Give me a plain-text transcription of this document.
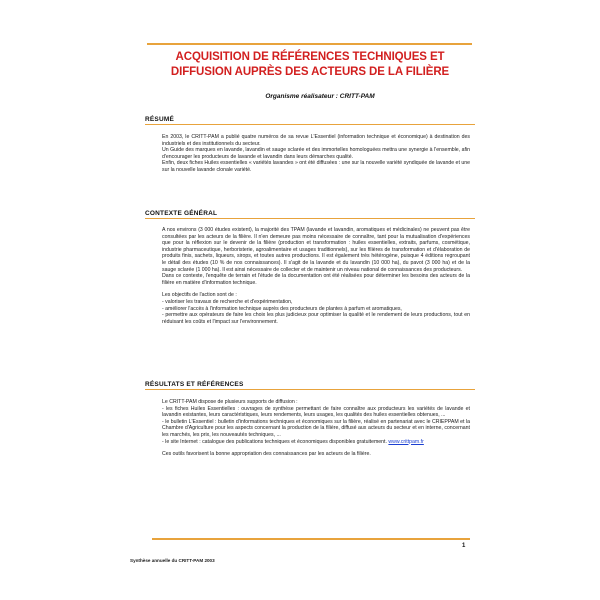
ACQUISITION DE RÉFÉRENCES TECHNIQUES ET
DIFFUSION AUPRÈS DES ACTEURS DE LA FILIÈRE
Organisme réalisateur : CRITT-PAM
RÉSUMÉ

En 2003, le CRITT-PAM a publié quatre numéros de sa revue L'Essentiel (information technique et économique) à destination des industriels et des institutionnels du secteur.

Un Guide des marques en lavande, lavandin et sauge sclarée et des immortelles homologuées mettra une synergie à l'ensemble, afin d'encourager les producteurs de lavande et lavandin dans leurs démarches qualité.

Enfin, deux fiches Huiles essentielles « variétés lavandes » ont été diffusées : une sur la nouvelle variété syndiquée de lavande et une sur la nouvelle lavande clonale variété.

CONTEXTE GÉNÉRAL

A nos environs (3 000 études existent), la majorité des TPAM (lavande et lavandin, aromatiques et médicinales) ne peuvent pas être consultées par les acteurs de la filière. Il n'en demeure pas moins nécessaire de connaître, tant pour la mutualisation d'expériences que pour la réflexion sur le devenir de la filière (production et transformation : huiles essentielles, extraits, parfums, cosmétique, industrie pharmaceutique, herboristerie, agroalimentaire et usages traditionnels), sur les filières de transformation et d'élaboration de produits finis, sachets, liqueurs, sirops, et toutes autres productions. Il est également très hétérogène, puisque 4 éditions regroupant le détail des études (10 % de nos connaissances). Il s'agit de la lavande et du lavandin (10 000 ha), du pavot (3 000 ha) et de la sauge sclarée (1 000 ha). Il est ainsi nécessaire de collecter et de maintenir un niveau national de connaissances des producteurs.

Dans ce contexte, l'enquête de terrain et l'étude de la documentation ont été réalisées pour déterminer les besoins des acteurs de la filière en matière d'information technique.

Les objectifs de l'action sont de :

- valoriser les travaux de recherche et d'expérimentation,

- améliorer l'accès à l'information technique auprès des producteurs de plantes à parfum et aromatiques,

- permettre aux opérateurs de faire les choix les plus judicieux pour optimiser la qualité et le rendement de leurs productions, tout en réduisant les coûts et l'impact sur l'environnement.

RÉSULTATS ET RÉFÉRENCES

Le CRITT-PAM dispose de plusieurs supports de diffusion :

- les fiches Huiles Essentielles : ouvrages de synthèse permettant de faire connaître aux producteurs les variétés de lavande et lavandin existantes, leurs caractéristiques, leurs rendements, leurs usages, les qualités des huiles essentielles obtenues, ...

- le bulletin L'Essentiel : bulletin d'informations techniques et économiques sur la filière, réalisé en partenariat avec le CRIEPPAM et la Chambre d'Agriculture pour les aspects concernant la production de la filière, diffusé aux acteurs du secteur et en interne, concernant les marchés, les prix, les nouveautés techniques, ...

- le site Internet : catalogue des publications techniques et économiques disponibles gratuitement. www.crittpam.fr

Ces outils favorisent la bonne appropriation des connaissances par les acteurs de la filière.

1
Synthèse annuelle du CRITT-PAM 2003
